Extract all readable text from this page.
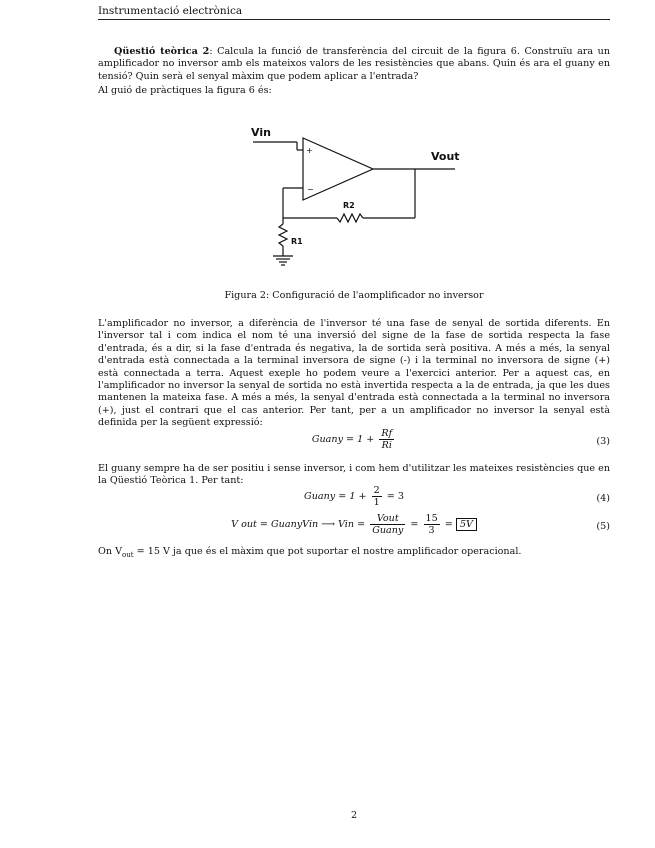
Instrumentació electrònica
Qüestió teòrica 2: Calcula la funció de transferència del circuit de la figura 6. Construïu ara un amplificador no inversor amb els mateixos valors de les resistències que abans. Quin és ara el guany en tensió? Quin serà el senyal màxim que podem aplicar a l'entrada?
Al guió de pràctiques la figura 6 és:
Vin
Vout
R2
R1
+
−
Figura 2: Configuració de l'aomplificador no inversor
L'amplificador no inversor, a diferència de l'inversor té una fase de senyal de sortida diferents. En l'inversor tal i com indica el nom té una inversió del signe de la fase de sortida respecta la fase d'entrada, és a dir, si la fase d'entrada és negativa, la de sortida serà positiva. A més a més, la senyal d'entrada està connectada a la terminal inversora de signe (-) i la terminal no inversora de signe (+) està connectada a terra. Aquest exeple ho podem veure a l'exercici anterior. Per a aquest cas, en l'amplificador no inversor la senyal de sortida no està invertida respecta a la de entrada, ja que les dues mantenen la mateixa fase. A més a més, la senyal d'entrada està connectada a la terminal no inversora (+), just el contrari que el cas anterior. Per tant, per a un amplificador no inversor la senyal està definida per la següent expressió:
Guany = $1 + \frac{Rf}{Ri}$	(3)
El guany sempre ha de ser positiu i sense inversor, i com hem d'utilitzar les mateixes resistències que en la Qüestió Teòrica 1. Per tant:
Guany = $1 + \frac{2}{1} = 3$	(4)
V out = GuanyVin ⟶ Vin = $\frac{\text{Vout}}{\text{Guany}} = \frac{15}{3} = 5V$	(5)
On $V_{out} = 15$ V ja que és el màxim que pot suportar el nostre amplificador operacional.
2
